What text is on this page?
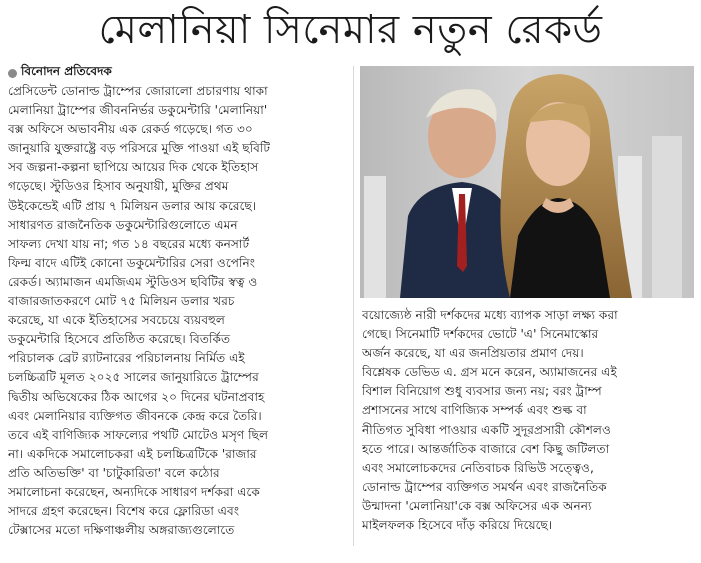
মেলানিয়া সিনেমার নতুন রেকর্ড
বিনোদন প্রতিবেদক
প্রেসিডেন্ট ডোনাল্ড ট্রাম্পের জোরালো প্রচারণায় থাকা
মেলানিয়া ট্রাম্পের জীবননির্ভর ডকুমেন্টারি 'মেলানিয়া'
বক্স অফিসে অভাবনীয় এক রেকর্ড গড়েছে। গত ৩০
জানুয়ারি যুক্তরাষ্ট্রে বড় পরিসরে মুক্তি পাওয়া এই ছবিটি
সব জল্পনা-কল্পনা ছাপিয়ে আয়ের দিক থেকে ইতিহাস
গড়েছে। স্টুডিওর হিসাব অনুযায়ী, মুক্তির প্রথম
উইকেন্ডেই এটি প্রায় ৭ মিলিয়ন ডলার আয় করেছে।
সাধারণত রাজনৈতিক ডকুমেন্টারিগুলোতে এমন
সাফল্য দেখা যায় না; গত ১৪ বছরের মধ্যে কনসার্ট
ফিল্ম বাদে এটিই কোনো ডকুমেন্টারির সেরা ওপেনিং
রেকর্ড। অ্যামাজন এমজিএম স্টুডিওস ছবিটির স্বত্ব ও
বাজারজাতকরণে মোট ৭৫ মিলিয়ন ডলার খরচ
করেছে, যা একে ইতিহাসের সবচেয়ে ব্যয়বহুল
ডকুমেন্টারি হিসেবে প্রতিষ্ঠিত করেছে। বিতর্কিত
পরিচালক ব্রেট র‍্যাটনারের পরিচালনায় নির্মিত এই
চলচ্চিত্রটি মূলত ২০২৫ সালের জানুয়ারিতে ট্রাম্পের
দ্বিতীয় অভিষেকের ঠিক আগের ২০ দিনের ঘটনাপ্রবাহ
এবং মেলানিয়ার ব্যক্তিগত জীবনকে কেন্দ্র করে তৈরি।
তবে এই বাণিজ্যিক সাফল্যের পথটি মোটেও মসৃণ ছিল
না। একদিকে সমালোচকরা এই চলচ্চিত্রটিকে 'রাজার
প্রতি অতিভক্তি' বা 'চাটুকারিতা' বলে কঠোর
সমালোচনা করেছেন, অন্যদিকে সাধারণ দর্শকরা একে
সাদরে গ্রহণ করেছেন। বিশেষ করে ফ্লোরিডা এবং
টেক্সাসের মতো দক্ষিণাঞ্চলীয় অঙ্গরাজ্যগুলোতে
বয়োজ্যেষ্ঠ নারী দর্শকদের মধ্যে ব্যাপক সাড়া লক্ষ্য করা
গেছে। সিনেমাটি দর্শকদের ভোটে 'এ' সিনেমাস্কোর
অর্জন করেছে, যা এর জনপ্রিয়তার প্রমাণ দেয়।
বিশ্লেষক ডেভিড এ. গ্রস মনে করেন, অ্যামাজনের এই
বিশাল বিনিয়োগ শুধু ব্যবসার জন্য নয়; বরং ট্রাম্প
প্রশাসনের সাথে বাণিজ্যিক সম্পর্ক এবং শুল্ক বা
নীতিগত সুবিধা পাওয়ার একটি সুদূরপ্রসারী কৌশলও
হতে পারে। আন্তর্জাতিক বাজারে বেশ কিছু জটিলতা
এবং সমালোচকদের নেতিবাচক রিভিউ সত্ত্বেও,
ডোনাল্ড ট্রাম্পের ব্যক্তিগত সমর্থন এবং রাজনৈতিক
উন্মাদনা 'মেলানিয়া'কে বক্স অফিসের এক অনন্য
মাইলফলক হিসেবে দাঁড় করিয়ে দিয়েছে।
